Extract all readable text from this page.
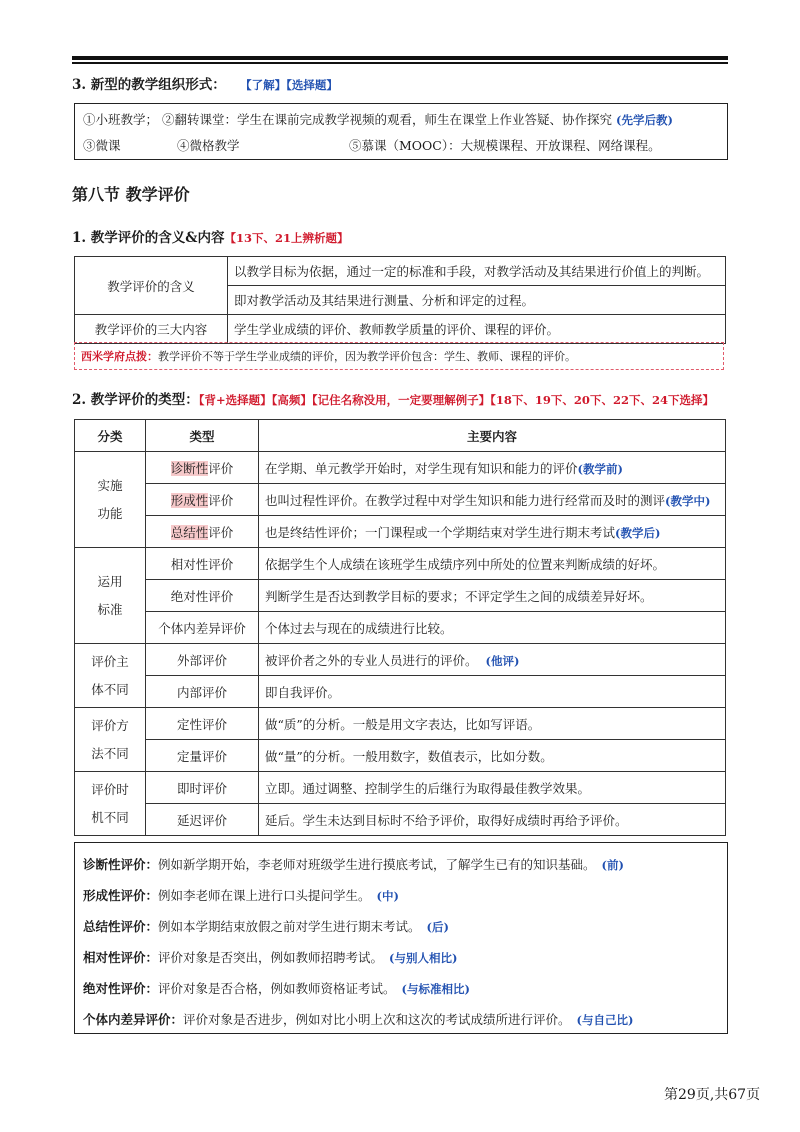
3. 新型的教学组织形式： 【了解】【选择题】
①小班教学； ②翻转课堂：学生在课前完成教学视频的观看，师生在课堂上作业答疑、协作探究 (先学后教)
③微课	④微格教学	⑤慕课（MOOC）：大规模课程、开放课程、网络课程。
第八节 教学评价
1. 教学评价的含义&内容【13下、21上辨析题】
教学评价的含义	以教学目标为依据，通过一定的标准和手段，对教学活动及其结果进行价值上的判断。
	即对教学活动及其结果进行测量、分析和评定的过程。
教学评价的三大内容	学生学业成绩的评价、教师教学质量的评价、课程的评价。
西米学府点拨：教学评价不等于学生学业成绩的评价，因为教学评价包含：学生、教师、课程的评价。
2. 教学评价的类型：【背+选择题】【高频】【记住名称没用，一定要理解例子】【18下、19下、20下、22下、24下选择】
分类	类型	主要内容
实施
功能	诊断性评价	在学期、单元教学开始时，对学生现有知识和能力的评价(教学前)
	形成性评价	也叫过程性评价。在教学过程中对学生知识和能力进行经常而及时的测评(教学中)
	总结性评价	也是终结性评价；一门课程或一个学期结束对学生进行期末考试(教学后)
运用
标准	相对性评价	依据学生个人成绩在该班学生成绩序列中所处的位置来判断成绩的好坏。
	绝对性评价	判断学生是否达到教学目标的要求；不评定学生之间的成绩差异好坏。
	个体内差异评价	个体过去与现在的成绩进行比较。
评价主
体不同	外部评价	被评价者之外的专业人员进行的评价。 (他评)
	内部评价	即自我评价。
评价方
法不同	定性评价	做“质”的分析。一般是用文字表达，比如写评语。
	定量评价	做“量”的分析。一般用数字，数值表示，比如分数。
评价时
机不同	即时评价	立即。通过调整、控制学生的后继行为取得最佳教学效果。
	延迟评价	延后。学生未达到目标时不给予评价，取得好成绩时再给予评价。
诊断性评价：例如新学期开始，李老师对班级学生进行摸底考试，了解学生已有的知识基础。 (前)
形成性评价：例如李老师在课上进行口头提问学生。 (中)
总结性评价：例如本学期结束放假之前对学生进行期末考试。 (后)
相对性评价：评价对象是否突出，例如教师招聘考试。 (与别人相比)
绝对性评价：评价对象是否合格，例如教师资格证考试。 (与标准相比)
个体内差异评价：评价对象是否进步，例如对比小明上次和这次的考试成绩所进行评价。 (与自己比)
第29页,共67页
